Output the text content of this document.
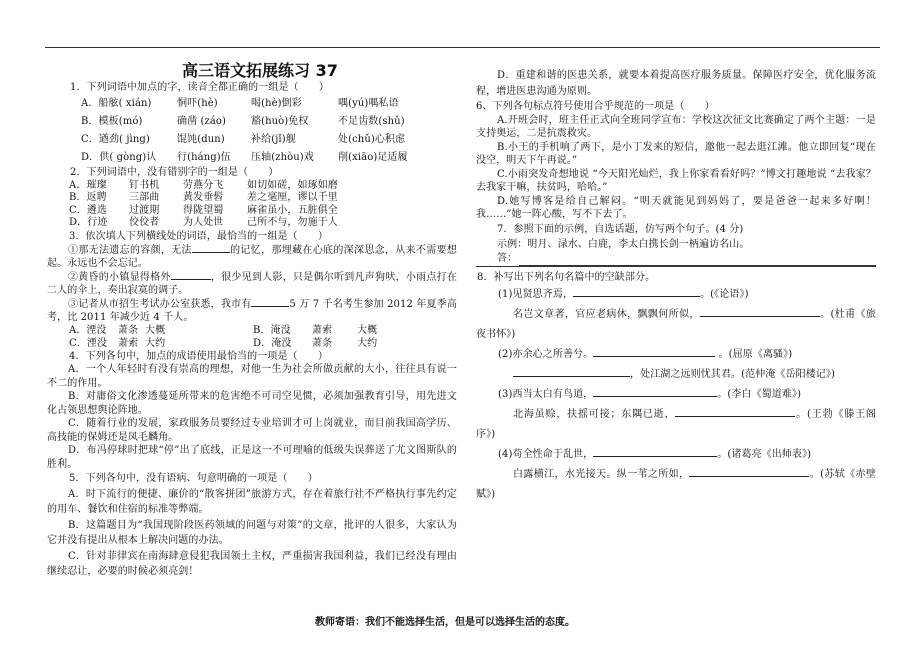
高三语文拓展练习 37
1．下列词语中加点的字，读音全都正确的一组是（　　）
A．船舷( xián)	恫吓(hè)	喝(hè)倒彩	喁(yú)喁私语
B．模板(mó)	确凿 (záo)	豁(huò)免权	不足齿数(shǔ)
C．遒劲( jìng)	馄饨(dun)	补给(jǐ)舰	处(chǔ)心积虑
D．供( gòng)认	行(háng)伍	压轴(zhòu)戏	削(xiāo)足适履
2．下列词语中，没有错别字的一组是（　　）
A．璀璨	钉书机	劳燕分飞	如切如磋，如琢如磨
B．返聘	三部曲	黄发垂髫	差之毫厘，谬以千里
C．遴选	过渡期	得陇望蜀	麻雀虽小，五脏俱全
D．行迹	佼佼者	为人处世	己所不与，勿施于人
3．依次填人下列横线处的词语，最恰当的一组是（　　）

①那无法遗忘的容颜，无法	的记忆，那埋藏在心底的深深思念，从来不需要想起。永远也不会忘记。

②黄昏的小镇显得格外	，很少见到人影，只是偶尔听到凡声狗吠，小雨点打在二人的伞上，奏出寂寞的调子。

③记者从市招生考试办公室获悉，我市有	5 万 7 千名考生参加 2012 年夏季高考，比 2011 年减少近 4 千人。

A．湮没	萧条 大概	B．淹没	萧索	大概
C．湮没	萧索 大约	D．淹没	萧条	大约
4．下列各句中，加点的成语使用最恰当的一项是（　　）

A．一个人年轻时有没有崇高的理想，对他一生为社会所做贡献的大小，往往具有说一不二的作用。

B．对庸俗文化渗透蔓延所带来的危害绝不可司空见惯，必须加强教育引导，用先进文化占领思想舆论阵地。

C．随着行业的发展，家政服务员要经过专业培训才可上岗就业，而目前我国高学历、高技能的保姆还是凤毛麟角。

D．布冯停球时把球“停”出了底线，正是这一不可理喻的低级失误葬送了尤文图斯队的胜利。

5．下列各句中，没有语病、句意明确的一项是（　　）

A．时下流行的便捷、廉价的“散客拼团”旅游方式，存在着旅行社不严格执行事先约定的用车、餐饮和住宿的标准等弊端。

B．这篇题目为“我国现阶段医药领域的问题与对策”的文章，批评的人很多，大家认为它并没有提出从根本上解决问题的办法。

C．针对菲律宾在南海肆意侵犯我国领土主权，严重损害我国利益，我们已经没有理由继续忍让，必要的时候必须亮剑！

D．重建和谐的医患关系，就要本着提高医疗服务质量。保障医疗安全，优化服务流程，增进医患沟通为原则。

6、下列各句标点符号使用合乎规范的一项是（　　）

A.开班会时，班主任正式向全班同学宣布：学校这次征文比赛确定了两个主题：一是支持奥运，二是抗震救灾。

B.小王的手机响了两下，是小丁发来的短信，邀他一起去逛江滩。他立即回复“现在没空，明天下午再说。”

C.小雨突发奇想地说 “今天阳光灿烂，我上你家看看好吗？”博文打趣地说 “去我家？去我家干嘛，扶贫吗，哈哈。”

D.她写博客是给自己解闷。“明天就能见到妈妈了，要是爸爸一起来多好啊！我……”她一阵心酸，写不下去了。

7．参照下面的示例，自选话题，仿写两个句子。(4 分)
示例：明月、渌水、白鹿，李太白携长剑一柄遍访名山。
答：
8．补写出下列名句名篇中的空缺部分。

(1)见贤思齐焉，	。(《论语》)

名岂文章著，官应老病休，飘飘何所似，	。(杜甫《旅夜书怀》)

(2)亦余心之所善兮。	。(屈原《离骚》)

，处江湖之远则忧其君。(范仲淹《岳阳楼记》)

(3)西当太白有鸟道，	。(李白《蜀道难》)

北海虽赊，扶摇可接；东隅已逝，	。(王勃《滕王阁序》)

(4)苟全性命于乱世，	。(诸葛亮《出师表》)

白露横江，水光接天。纵一苇之所如，	。(苏轼《赤壁赋》)

教师寄语：我们不能选择生活，但是可以选择生活的态度。
